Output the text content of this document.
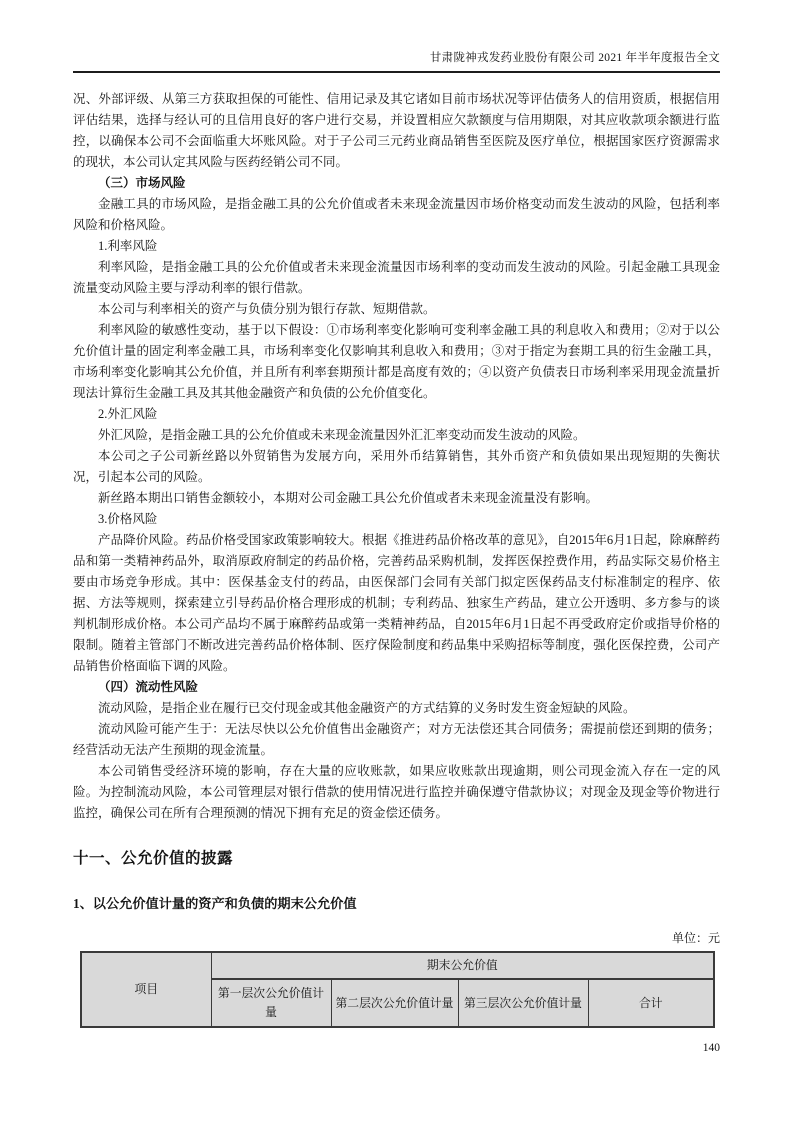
甘肃陇神戎发药业股份有限公司 2021 年半年度报告全文

况、外部评级、从第三方获取担保的可能性、信用记录及其它诸如目前市场状况等评估债务人的信用资质，根据信用评估结果，选择与经认可的且信用良好的客户进行交易，并设置相应欠款额度与信用期限，对其应收款项余额进行监控，以确保本公司不会面临重大坏账风险。对于子公司三元药业商品销售至医院及医疗单位，根据国家医疗资源需求的现状，本公司认定其风险与医药经销公司不同。

（三）市场风险

金融工具的市场风险，是指金融工具的公允价值或者未来现金流量因市场价格变动而发生波动的风险，包括利率风险和价格风险。

1.利率风险

利率风险，是指金融工具的公允价值或者未来现金流量因市场利率的变动而发生波动的风险。引起金融工具现金流量变动风险主要与浮动利率的银行借款。

本公司与利率相关的资产与负债分别为银行存款、短期借款。

利率风险的敏感性变动，基于以下假设：①市场利率变化影响可变利率金融工具的利息收入和费用；②对于以公允价值计量的固定利率金融工具，市场利率变化仅影响其利息收入和费用；③对于指定为套期工具的衍生金融工具，市场利率变化影响其公允价值，并且所有利率套期预计都是高度有效的；④以资产负债表日市场利率采用现金流量折现法计算衍生金融工具及其其他金融资产和负债的公允价值变化。

2.外汇风险

外汇风险，是指金融工具的公允价值或未来现金流量因外汇汇率变动而发生波动的风险。

本公司之子公司新丝路以外贸销售为发展方向，采用外币结算销售，其外币资产和负债如果出现短期的失衡状况，引起本公司的风险。

新丝路本期出口销售金额较小，本期对公司金融工具公允价值或者未来现金流量没有影响。

3.价格风险

产品降价风险。药品价格受国家政策影响较大。根据《推进药品价格改革的意见》，自2015年6月1日起，除麻醉药品和第一类精神药品外，取消原政府制定的药品价格，完善药品采购机制，发挥医保控费作用，药品实际交易价格主要由市场竞争形成。其中：医保基金支付的药品，由医保部门会同有关部门拟定医保药品支付标准制定的程序、依据、方法等规则，探索建立引导药品价格合理形成的机制；专利药品、独家生产药品，建立公开透明、多方参与的谈判机制形成价格。本公司产品均不属于麻醉药品或第一类精神药品，自2015年6月1日起不再受政府定价或指导价格的限制。随着主管部门不断改进完善药品价格体制、医疗保险制度和药品集中采购招标等制度，强化医保控费，公司产品销售价格面临下调的风险。

（四）流动性风险

流动风险，是指企业在履行已交付现金或其他金融资产的方式结算的义务时发生资金短缺的风险。

流动风险可能产生于：无法尽快以公允价值售出金融资产；对方无法偿还其合同债务；需提前偿还到期的债务；经营活动无法产生预期的现金流量。

本公司销售受经济环境的影响，存在大量的应收账款，如果应收账款出现逾期，则公司现金流入存在一定的风险。为控制流动风险，本公司管理层对银行借款的使用情况进行监控并确保遵守借款协议；对现金及现金等价物进行监控，确保公司在所有合理预测的情况下拥有充足的资金偿还债务。

十一、公允价值的披露
1、以公允价值计量的资产和负债的期末公允价值
单位：元
项目	期末公允价值			
	第一层次公允价值计量	第二层次公允价值计量	第三层次公允价值计量	合计
140
